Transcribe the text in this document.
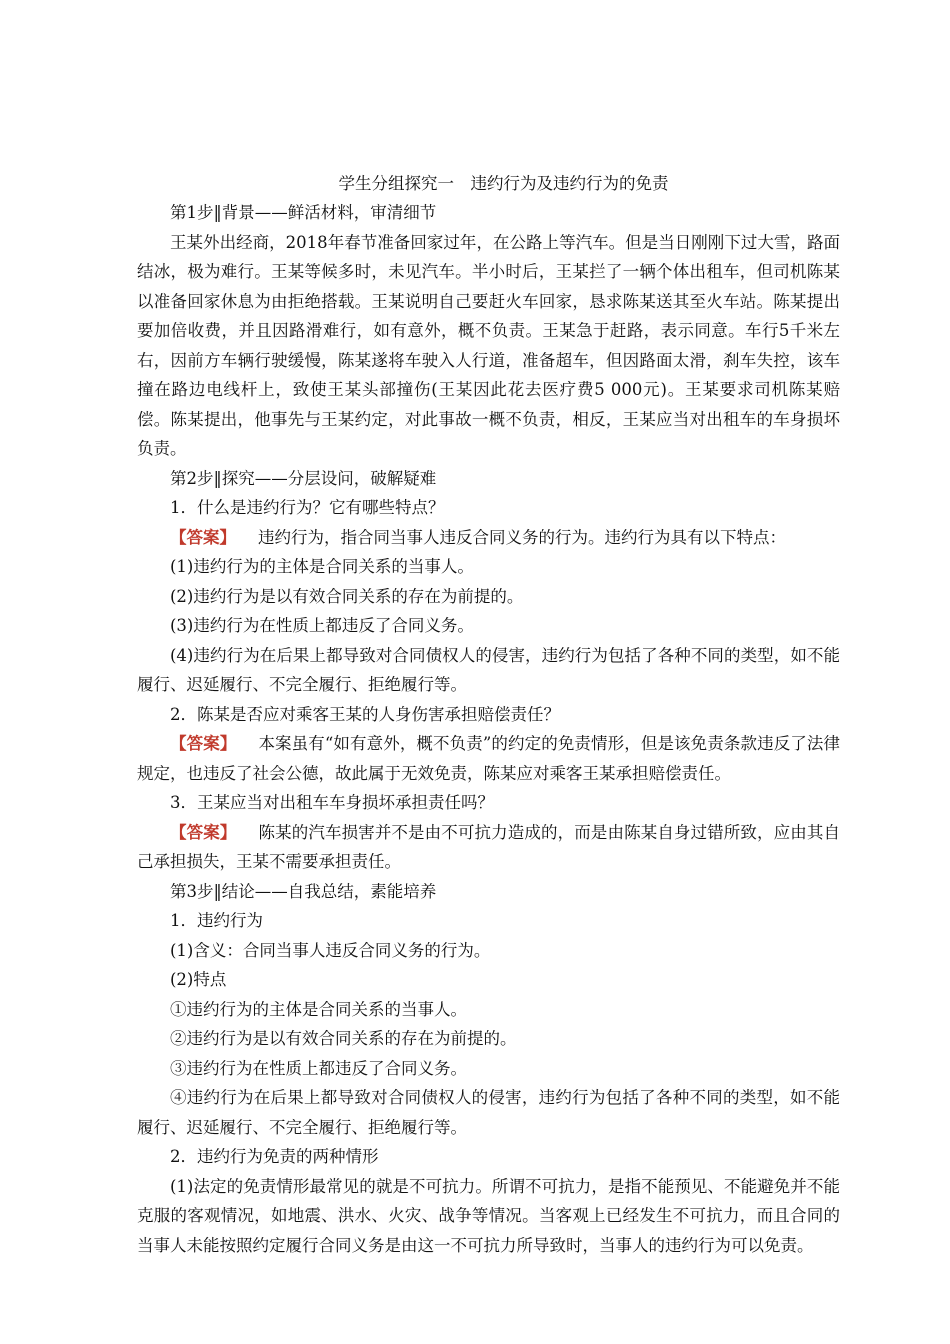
学生分组探究一　违约行为及违约行为的免责

第1步‖背景——鲜活材料，审清细节

王某外出经商，2018年春节准备回家过年，在公路上等汽车。但是当日刚刚下过大雪，路面结冰，极为难行。王某等候多时，未见汽车。半小时后，王某拦了一辆个体出租车，但司机陈某以准备回家休息为由拒绝搭载。王某说明自己要赶火车回家，恳求陈某送其至火车站。陈某提出要加倍收费，并且因路滑难行，如有意外，概不负责。王某急于赶路，表示同意。车行5千米左右，因前方车辆行驶缓慢，陈某遂将车驶入人行道，准备超车，但因路面太滑，刹车失控，该车撞在路边电线杆上，致使王某头部撞伤(王某因此花去医疗费5 000元)。王某要求司机陈某赔偿。陈某提出，他事先与王某约定，对此事故一概不负责，相反，王某应当对出租车的车身损坏负责。

第2步‖探究——分层设问，破解疑难

1．什么是违约行为？它有哪些特点？

【答案】 违约行为，指合同当事人违反合同义务的行为。违约行为具有以下特点：

(1)违约行为的主体是合同关系的当事人。

(2)违约行为是以有效合同关系的存在为前提的。

(3)违约行为在性质上都违反了合同义务。

(4)违约行为在后果上都导致对合同债权人的侵害，违约行为包括了各种不同的类型，如不能履行、迟延履行、不完全履行、拒绝履行等。

2．陈某是否应对乘客王某的人身伤害承担赔偿责任？

【答案】 本案虽有“如有意外，概不负责”的约定的免责情形，但是该免责条款违反了法律规定，也违反了社会公德，故此属于无效免责，陈某应对乘客王某承担赔偿责任。

3．王某应当对出租车车身损坏承担责任吗？

【答案】 陈某的汽车损害并不是由不可抗力造成的，而是由陈某自身过错所致，应由其自己承担损失，王某不需要承担责任。

第3步‖结论——自我总结，素能培养

1．违约行为

(1)含义：合同当事人违反合同义务的行为。

(2)特点

①违约行为的主体是合同关系的当事人。

②违约行为是以有效合同关系的存在为前提的。

③违约行为在性质上都违反了合同义务。

④违约行为在后果上都导致对合同债权人的侵害，违约行为包括了各种不同的类型，如不能履行、迟延履行、不完全履行、拒绝履行等。

2．违约行为免责的两种情形

(1)法定的免责情形最常见的就是不可抗力。所谓不可抗力，是指不能预见、不能避免并不能克服的客观情况，如地震、洪水、火灾、战争等情况。当客观上已经发生不可抗力，而且合同的当事人未能按照约定履行合同义务是由这一不可抗力所导致时，当事人的违约行为可以免责。
